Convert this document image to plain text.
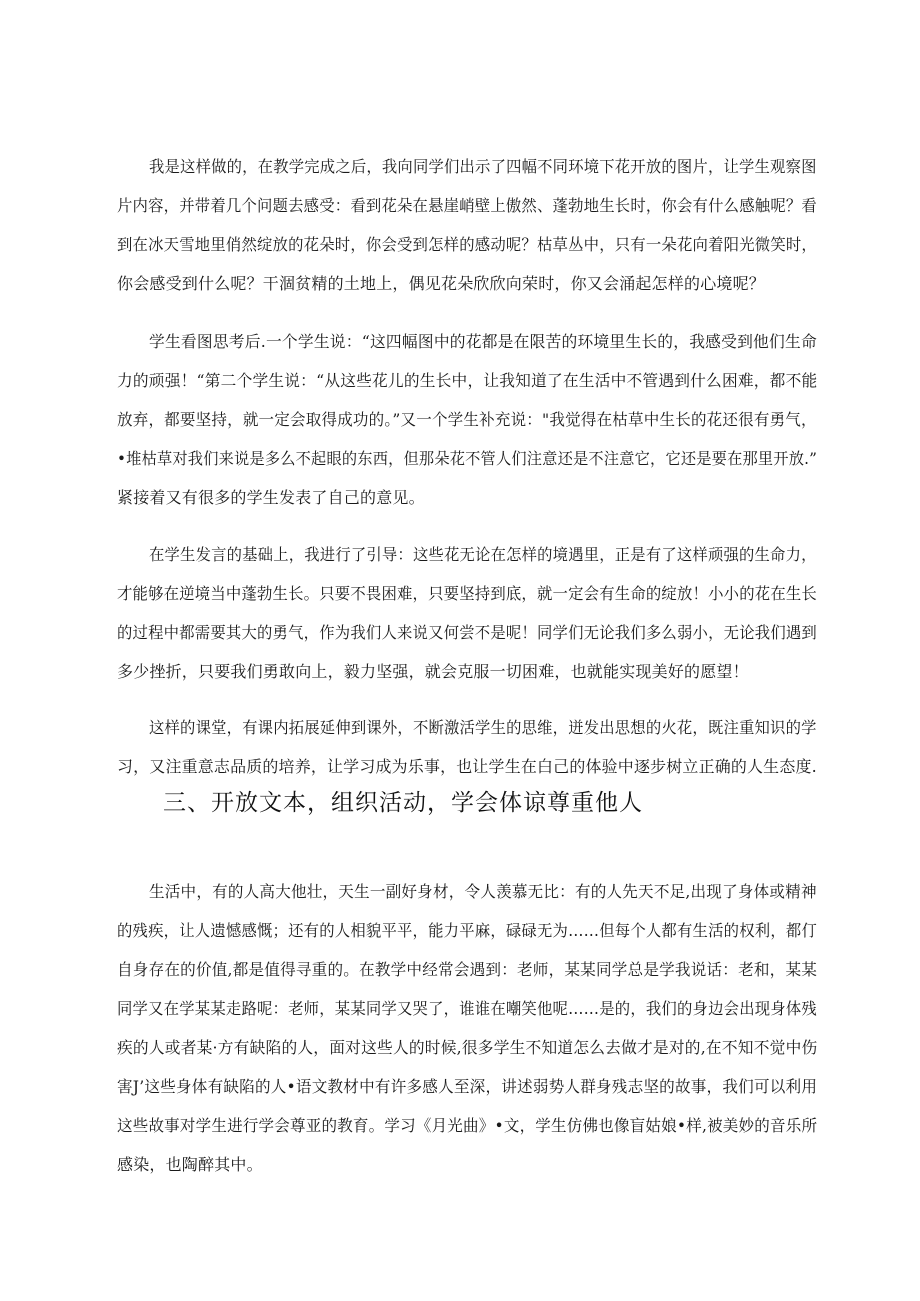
我是这样做的，在教学完成之后，我向同学们出示了四幅不同环境下花开放的图片，让学生观察图
片内容，并带着几个问题去感受：看到花朵在悬崖峭壁上傲然、蓬勃地生长时，你会有什么感触呢？看
到在冰天雪地里俏然绽放的花朵时，你会受到怎样的感动呢？枯草丛中，只有一朵花向着阳光微笑时，
你会感受到什么呢？干涸贫精的土地上，偶见花朵欣欣向荣时，你又会涌起怎样的心境呢？
学生看图思考后.一个学生说：“这四幅图中的花都是在限苦的环境里生长的，我感受到他们生命
力的顽强！“第二个学生说：“从这些花儿的生长中，让我知道了在生活中不管遇到什么困难，都不能
放弃，都要坚持，就一定会取得成功的。”又一个学生补充说："我觉得在枯草中生长的花还很有勇气，
•堆枯草对我们来说是多么不起眼的东西，但那朵花不管人们注意还是不注意它，它还是要在那里开放.”
紧接着又有很多的学生发表了自己的意见。
在学生发言的基础上，我进行了引导：这些花无论在怎样的境遇里，正是有了这样顽强的生命力，
才能够在逆境当中蓬勃生长。只要不畏困难，只要坚持到底，就一定会有生命的绽放！小小的花在生长
的过程中都需要其大的勇气，作为我们人来说又何尝不是呢！同学们无论我们多么弱小，无论我们遇到
多少挫折，只要我们勇敢向上，毅力坚强，就会克服一切困难，也就能实现美好的愿望！
这样的课堂，有课内拓展延伸到课外，不断激活学生的思维，迸发出思想的火花，既注重知识的学
习，又注重意志品质的培养，让学习成为乐事，也让学生在白己的体验中逐步树立正确的人生态度.
三、开放文本，组织活动，学会体谅尊重他人
生活中，有的人高大他壮，天生一副好身材，令人羡慕无比：有的人先天不足,出现了身体或精神
的残疾，让人遗憾感慨；还有的人相貌平平，能力平麻，碌碌无为……但每个人都有生活的权利，都仃
自身存在的价值,都是值得寻重的。在教学中经常会遇到：老师，某某同学总是学我说话：老和，某某
同学又在学某某走路呢：老师，某某同学又哭了，谁谁在嘲笑他呢……是的，我们的身边会出现身体残
疾的人或者某·方有缺陷的人，面对这些人的时候,很多学生不知道怎么去做才是对的,在不知不觉中伤
害J’这些身体有缺陷的人•语文教材中有许多感人至深，讲述弱势人群身残志坚的故事，我们可以利用
这些故事对学生进行学会尊亚的教育。学习《月光曲》•文，学生仿佛也像盲姑娘•样,被美妙的音乐所
感染，也陶醉其中。
